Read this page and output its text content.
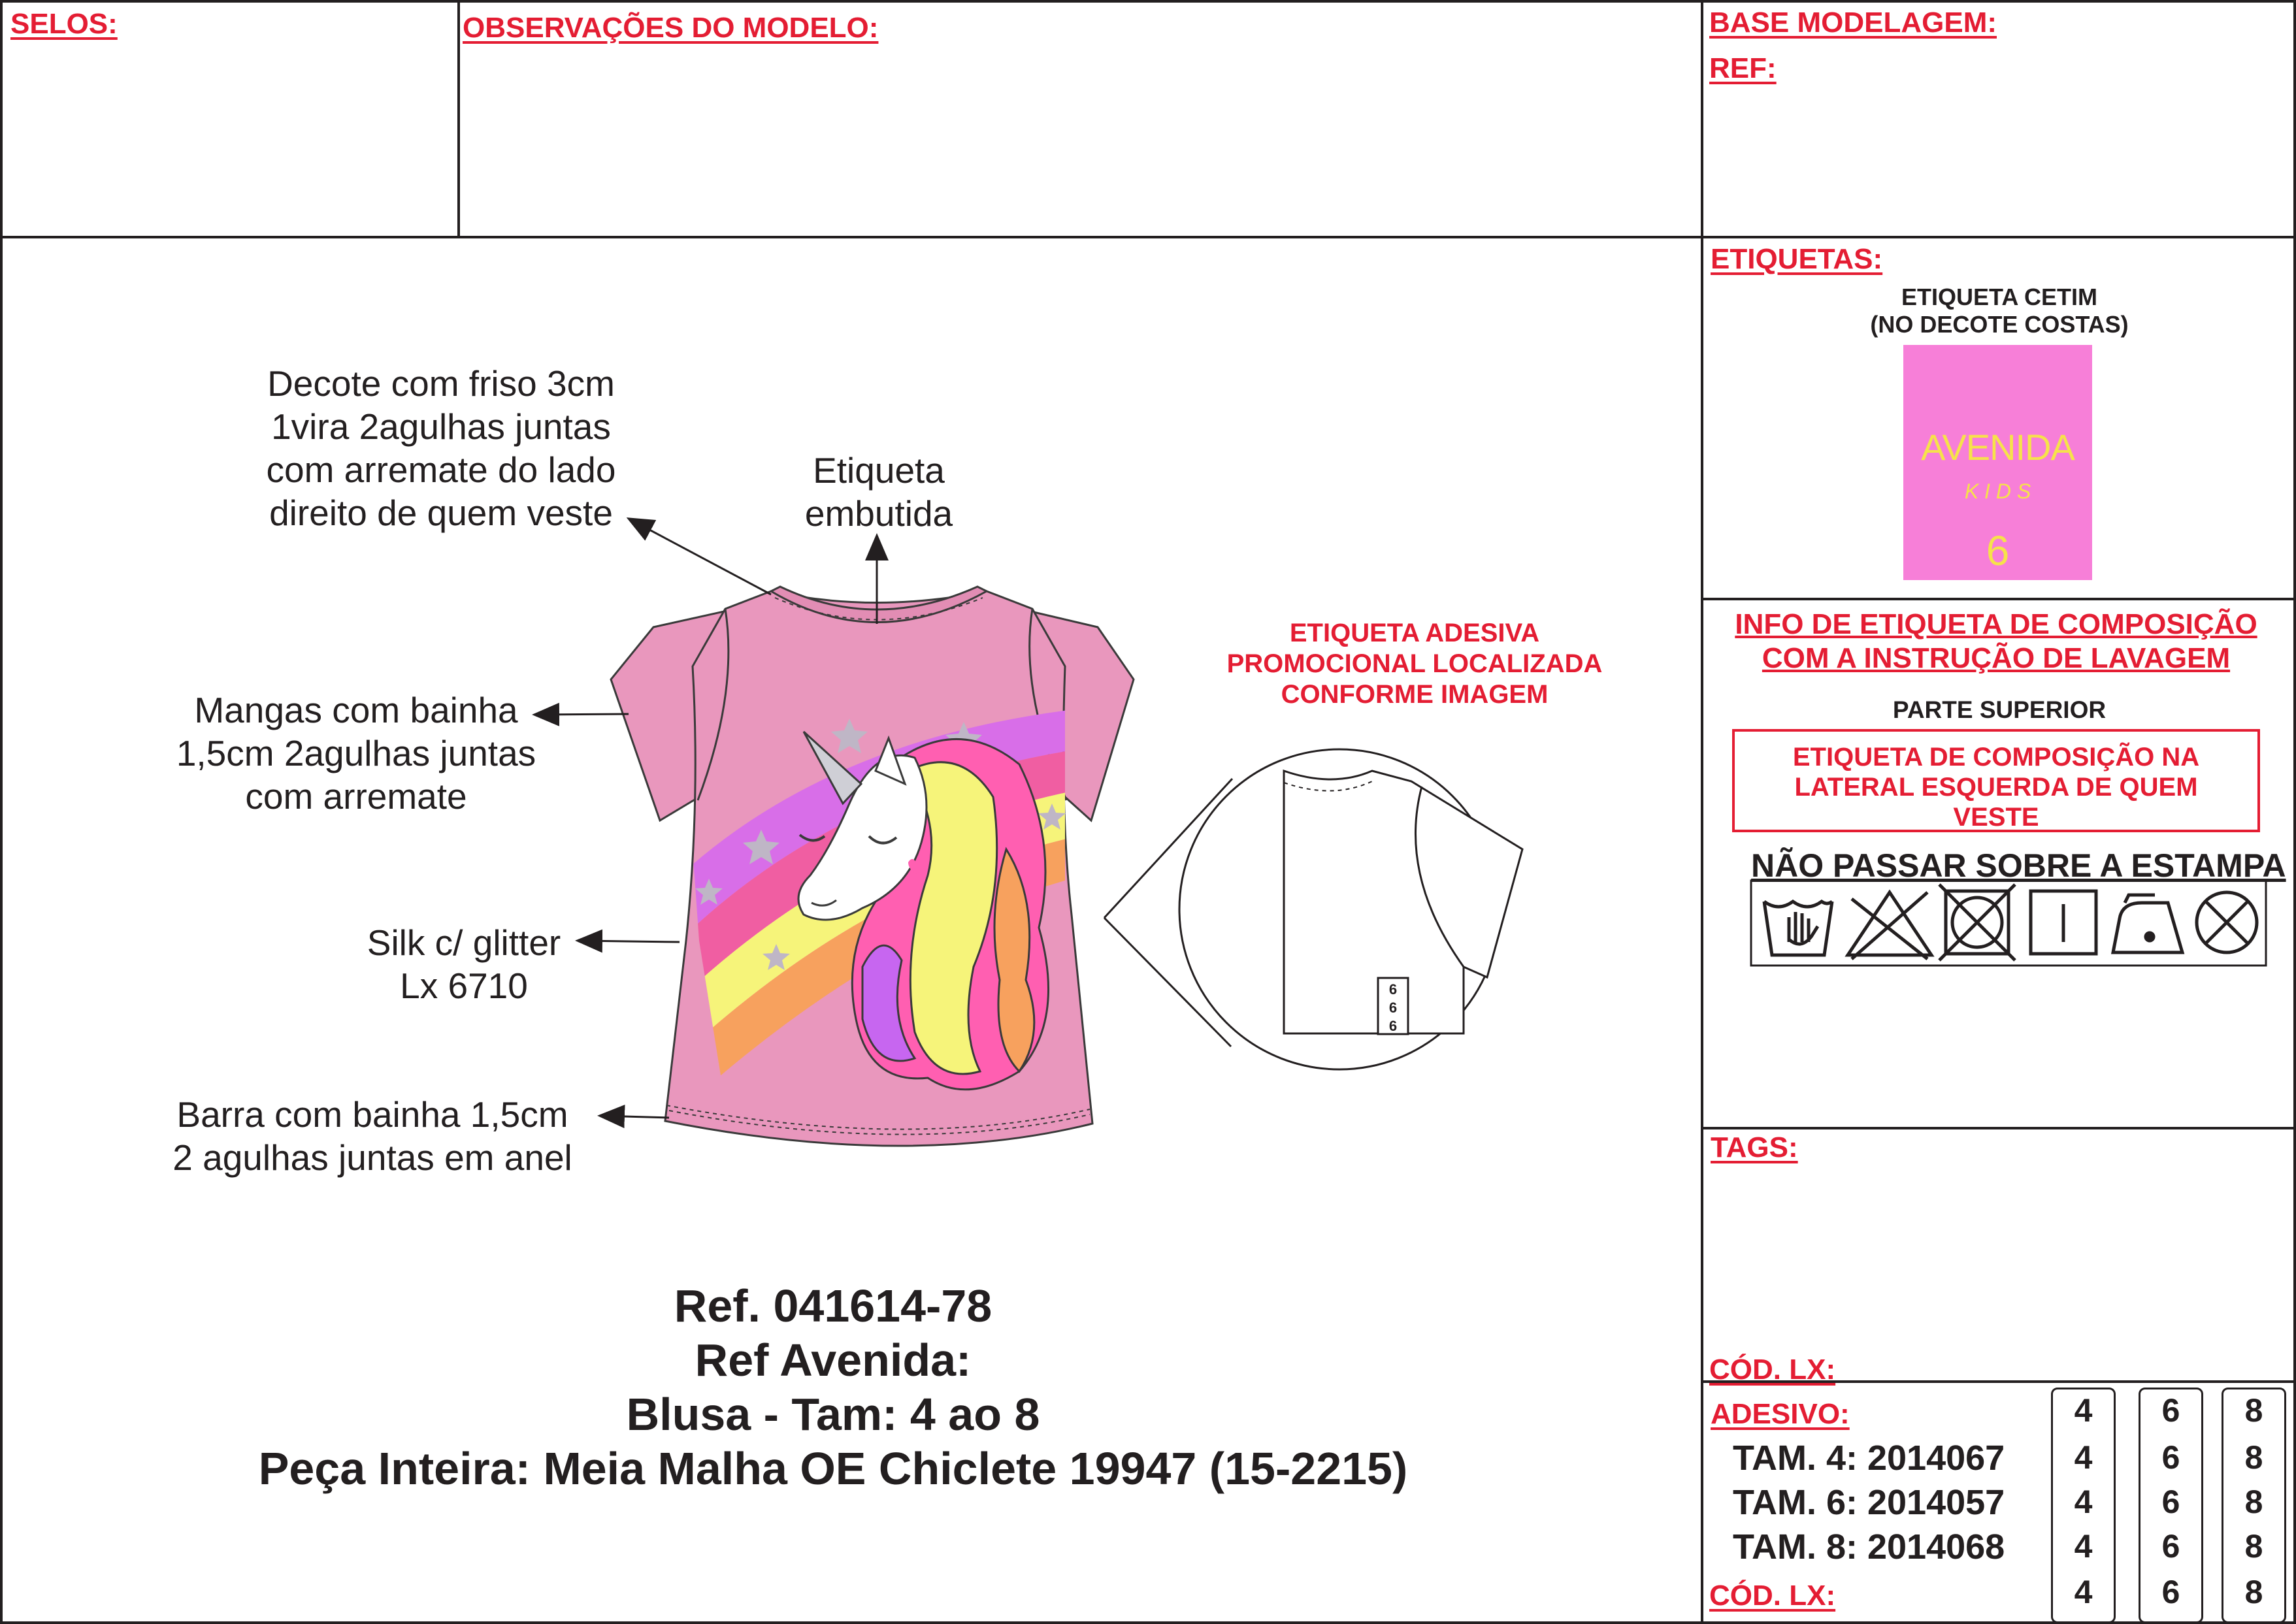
SELOS:	OBSERVAÇÕES DO MODELO:	BASE MODELAGEM:
REF:
ETIQUETAS:
ETIQUETA CETIM
(NO DECOTE COSTAS)
AVENIDA
K I D S
6
INFO DE ETIQUETA DE COMPOSIÇÃO
COM A INSTRUÇÃO DE LAVAGEM
PARTE SUPERIOR
ETIQUETA DE COMPOSIÇÃO NA
LATERAL ESQUERDA DE QUEM
VESTE
NÃO PASSAR SOBRE A ESTAMPA
TAGS:
CÓD. LX:
ADESIVO:
TAM. 4: 2014067
TAM. 6: 2014057
TAM. 8: 2014068
CÓD. LX:
4
4
4
4
4
6
6
6
6
6
8
8
8
8
8
6
6
6
Decote com friso 3cm
1vira 2agulhas juntas
com arremate do lado
direito de quem veste
Etiqueta
embutida
Mangas com bainha
1,5cm 2agulhas juntas
com arremate
Silk c/ glitter
Lx 6710
Barra com bainha 1,5cm
2 agulhas juntas em anel
ETIQUETA ADESIVA
PROMOCIONAL LOCALIZADA
CONFORME IMAGEM
Ref. 041614-78
Ref Avenida:
Blusa - Tam: 4 ao 8
Peça Inteira: Meia Malha OE Chiclete 19947 (15-2215)
